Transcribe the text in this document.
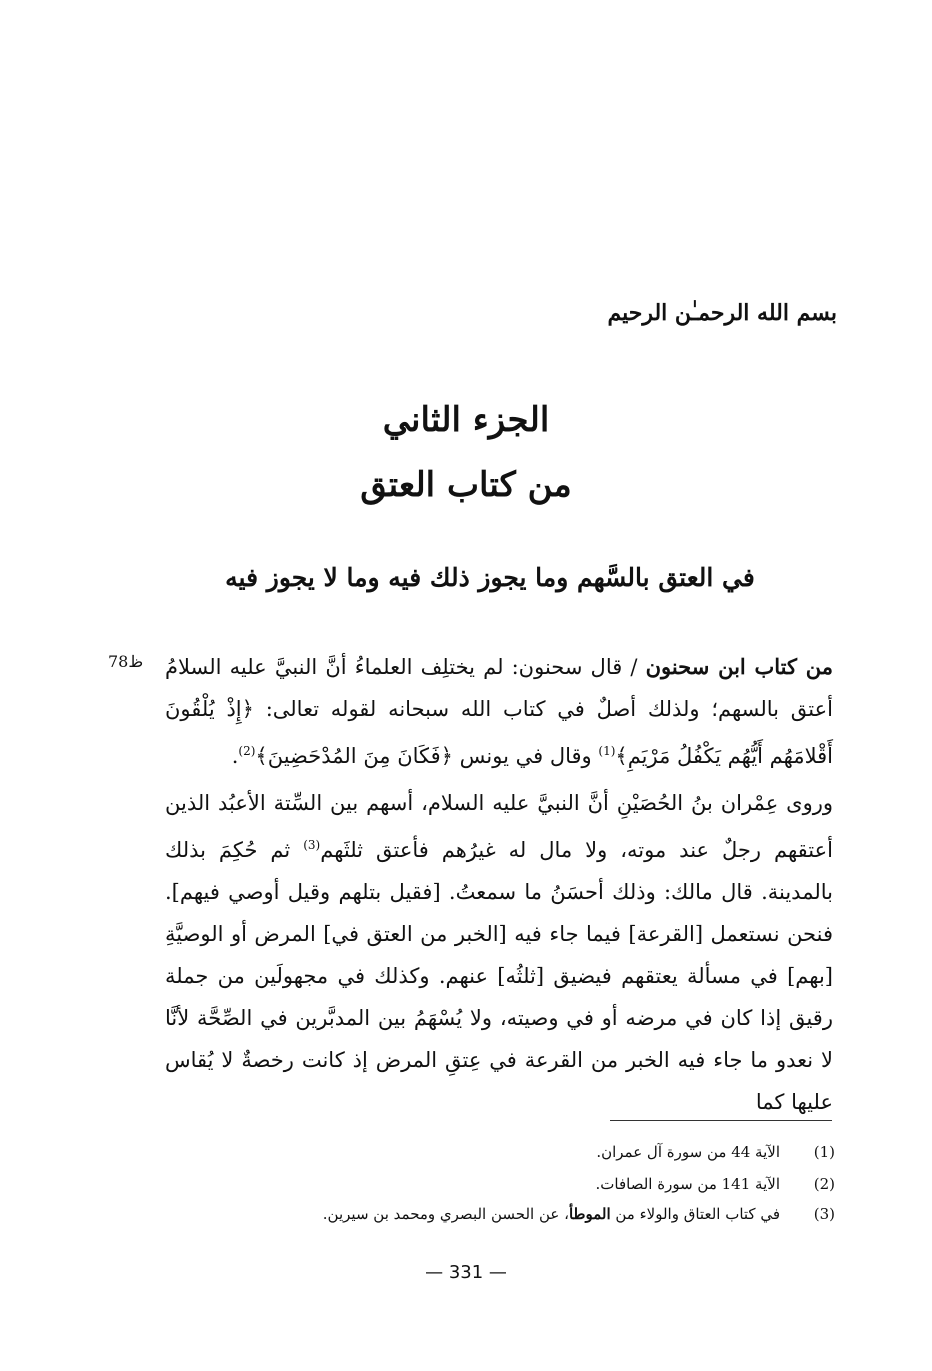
بسم الله الرحمـٰن الرحيم
الجزء الثاني
من كتاب العتق
في العتق بالسَّهم وما يجوز ذلك فيه وما لا يجوز فيه
ظ78	من كتاب ابن سحنون / قال سحنون: لم يختلِف العلماءُ أنَّ النبيَّ عليه السلامُ أعتق بالسهم؛ ولذلك أصلٌ في كتاب الله سبحانه لقوله تعالى: ﴿إِذْ يُلْقُونَ أَقْلامَهُم أَيُّهُم يَكْفُلُ مَرْيَمِ﴾$^{(1)}$ وقال في يونس ﴿فَكَانَ مِنَ المُدْحَضِينَ﴾$^{(2)}$.
وروى عِمْران بنُ الحُصَيْنِ أنَّ النبيَّ عليه السلام، أسهم بين السِّتة الأعبُد الذين أعتقهم رجلٌ عند موته، ولا مال له غيرُهم فأعتق ثلثَهم$^{(3)}$ ثم حُكِمَ بذلك بالمدينة. قال مالك: وذلك أحسَنُ ما سمعتُ. [فقيل بتلهم وقيل أوصي فيهم]. فنحن نستعمل [القرعة] فيما جاء فيه [الخبر من العتق في] المرض أو الوصيَّةِ [بهم] في مسألة يعتقهم فيضيق [ثلثُه] عنهم. وكذلك في مجهولَين من جملة رقيق إذا كان في مرضه أو في وصيته، ولا يُسْهَمُ بين المدبَّرين في الصِّحَّة لأنَّا لا نعدو ما جاء فيه الخبر من القرعة في عِتقِ المرض إذ كانت رخصةٌ لا يُقاس عليها كما
(1)
الآية 44 من سورة آل عمران.
(2)
الآية 141 من سورة الصافات.
(3)
في كتاب العتاق والولاء من الموطأ، عن الحسن البصري ومحمد بن سيرين.
— 331 —
